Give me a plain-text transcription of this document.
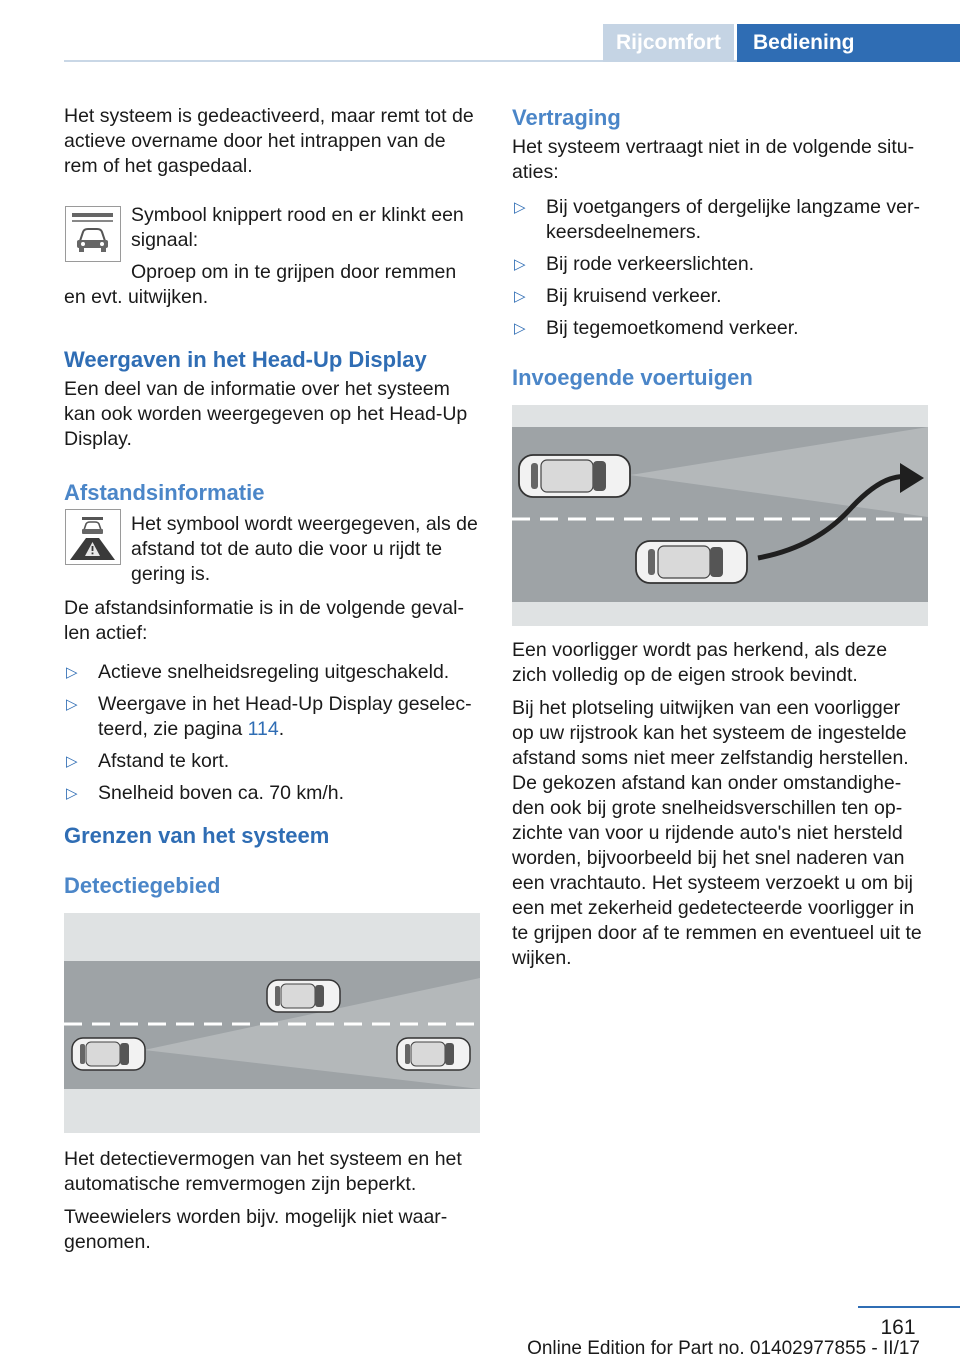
Rijcomfort	Bediening

Het systeem is gedeactiveerd, maar remt tot de actieve overname door het intrappen van de rem of het gaspedaal.

Symbool knippert rood en er klinkt een signaal:

Oproep om in te grijpen door remmen en evt. uitwijken.

Weergaven in het Head-Up Display

Een deel van de informatie over het systeem kan ook worden weergegeven op het Head-Up Display.

Afstandsinformatie

Het symbool wordt weergegeven, als de afstand tot de auto die voor u rijdt te gering is.

De afstandsinformatie is in de volgende gevallen actief:

▷ Actieve snelheidsregeling uitgeschakeld.
▷ Weergave in het Head-Up Display geselecteerd, zie pagina 114.
▷ Afstand te kort.
▷ Snelheid boven ca. 70 km/h.
Grenzen van het systeem
Detectiegebied

Het detectievermogen van het systeem en het automatische remvermogen zijn beperkt.

Tweewielers worden bijv. mogelijk niet waargenomen.

Vertraging

Het systeem vertraagt niet in de volgende situaties:

▷ Bij voetgangers of dergelijke langzame verkeersdeelnemers.
▷ Bij rode verkeerslichten.
▷ Bij kruisend verkeer.
▷ Bij tegemoetkomend verkeer.
Invoegende voertuigen

Een voorligger wordt pas herkend, als deze zich volledig op de eigen strook bevindt.

Bij het plotseling uitwijken van een voorligger op uw rijstrook kan het systeem de ingestelde afstand soms niet meer zelfstandig herstellen. De gekozen afstand kan onder omstandigheden ook bij grote snelheidsverschillen ten opzichte van voor u rijdende auto's niet hersteld worden, bijvoorbeeld bij het snel naderen van een vrachtauto. Het systeem verzoekt u om bij een met zekerheid gedetecteerde voorligger in te grijpen door af te remmen en eventueel uit te wijken.

161
Online Edition for Part no. 01402977855 - II/17
